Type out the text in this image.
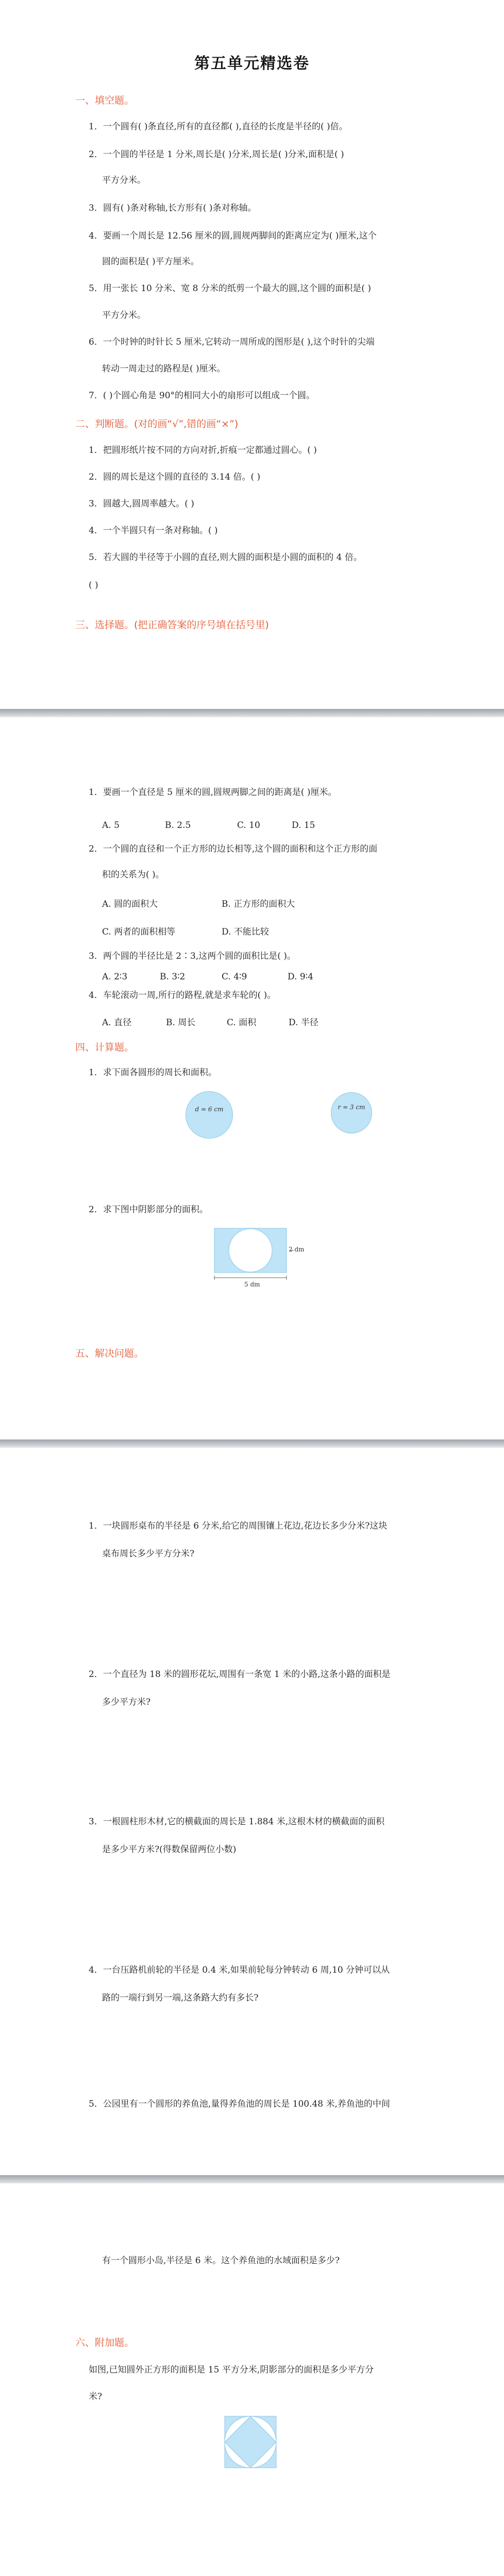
第五单元精选卷
一、填空题。
1．一个圆有( )条直径,所有的直径都( ),直径的长度是半径的( )倍。
2．一个圆的半径是 1 分米,周长是( )分米,周长是( )分米,面积是( )
平方分米。
3．圆有( )条对称轴,长方形有( )条对称轴。
4．要画一个周长是 12.56 厘米的圆,圆规两脚间的距离应定为( )厘米,这个
圆的面积是( )平方厘米。
5．用一张长 10 分米、宽 8 分米的纸剪一个最大的圆,这个圆的面积是( )
平方分米。
6．一个时钟的时针长 5 厘米,它转动一周所成的图形是( ),这个时针的尖端
转动一周走过的路程是( )厘米。
7．( )个圆心角是 90°的相同大小的扇形可以组成一个圆。
二、判断题。(对的画“√”,错的画“×”)
1．把圆形纸片按不同的方向对折,折痕一定都通过圆心。( )
2．圆的周长是这个圆的直径的 3.14 倍。( )
3．圆越大,圆周率越大。( )
4．一个半圆只有一条对称轴。( )
5．若大圆的半径等于小圆的直径,则大圆的面积是小圆的面积的 4 倍。
( )
三、选择题。(把正确答案的序号填在括号里)
1．要画一个直径是 5 厘米的圆,圆规两脚之间的距离是( )厘米。
A. 5	B. 2.5	C. 10	D. 15
2．一个圆的直径和一个正方形的边长相等,这个圆的面积和这个正方形的面
积的关系为( )。
A. 圆的面积大	B. 正方形的面积大
C. 两者的面积相等	D. 不能比较
3．两个圆的半径比是 2∶3,这两个圆的面积比是( )。
A. 2∶3	B. 3∶2	C. 4∶9	D. 9∶4
4．车轮滚动一周,所行的路程,就是求车轮的( )。
A. 直径	B. 周长	C. 面积	D. 半径
四、计算题。
1．求下面各圆形的周长和面积。
d = 6 cm	r = 3 cm
2．求下图中阴影部分的面积。
2 dm
5 dm
五、解决问题。
1．一块圆形桌布的半径是 6 分米,给它的周围镶上花边,花边长多少分米?这块
桌布周长多少平方分米?
2．一个直径为 18 米的圆形花坛,周围有一条宽 1 米的小路,这条小路的面积是
多少平方米?
3．一根圆柱形木材,它的横截面的周长是 1.884 米,这根木材的横截面的面积
是多少平方米?(得数保留两位小数)
4．一台压路机前轮的半径是 0.4 米,如果前轮每分钟转动 6 周,10 分钟可以从
路的一端行到另一端,这条路大约有多长?
5．公园里有一个圆形的养鱼池,量得养鱼池的周长是 100.48 米,养鱼池的中间
有一个圆形小岛,半径是 6 米。这个养鱼池的水域面积是多少?
六、附加题。
如图,已知圆外正方形的面积是 15 平方分米,阴影部分的面积是多少平方分
米?
